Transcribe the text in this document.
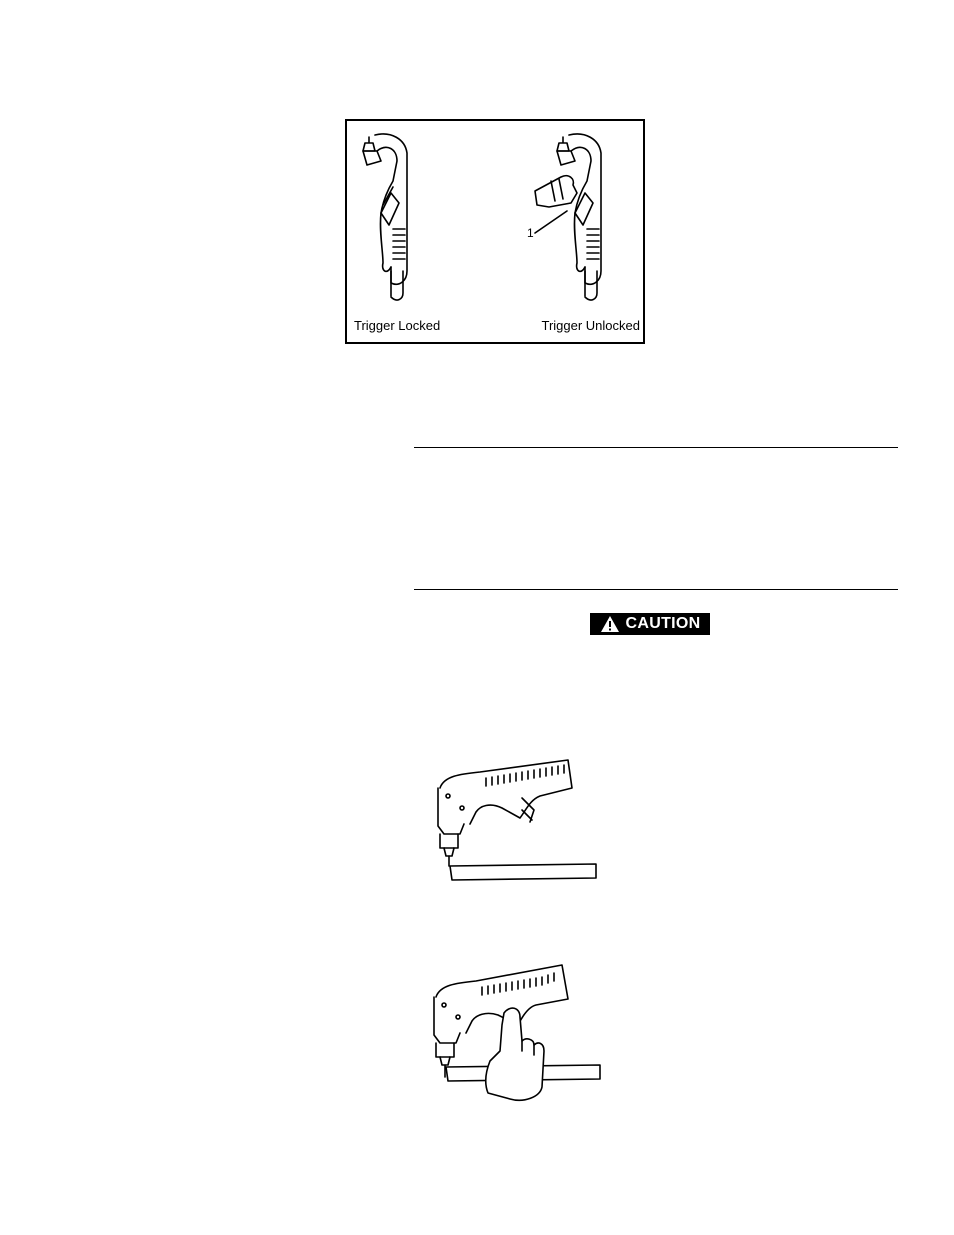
1
Trigger Locked	Trigger Unlocked
CAUTION
